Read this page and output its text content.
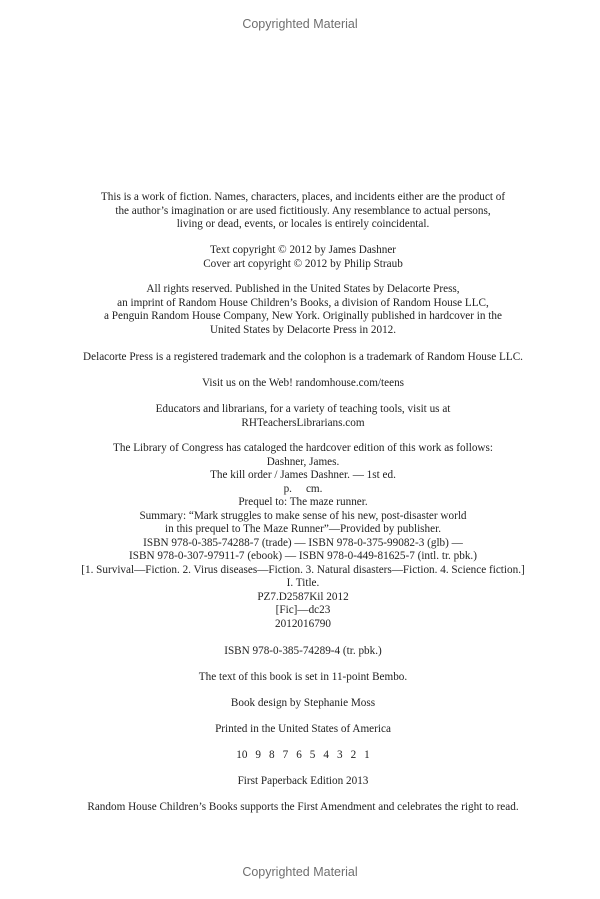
Copyrighted Material
This is a work of fiction. Names, characters, places, and incidents either are the product of
the author’s imagination or are used fictitiously. Any resemblance to actual persons,
living or dead, events, or locales is entirely coincidental.
Text copyright © 2012 by James Dashner
Cover art copyright © 2012 by Philip Straub
All rights reserved. Published in the United States by Delacorte Press,
an imprint of Random House Children’s Books, a division of Random House LLC,
a Penguin Random House Company, New York. Originally published in hardcover in the
United States by Delacorte Press in 2012.
Delacorte Press is a registered trademark and the colophon is a trademark of Random House LLC.
Visit us on the Web! randomhouse.com/teens
Educators and librarians, for a variety of teaching tools, visit us at
RHTeachersLibrarians.com
The Library of Congress has cataloged the hardcover edition of this work as follows:
Dashner, James.
The kill order / James Dashner. — 1st ed.
p.     cm.
Prequel to: The maze runner.
Summary: “Mark struggles to make sense of his new, post-disaster world
in this prequel to The Maze Runner”—Provided by publisher.
ISBN 978-0-385-74288-7 (trade) — ISBN 978-0-375-99082-3 (glb) —
ISBN 978-0-307-97911-7 (ebook) — ISBN 978-0-449-81625-7 (intl. tr. pbk.)
[1. Survival—Fiction. 2. Virus diseases—Fiction. 3. Natural disasters—Fiction. 4. Science fiction.]
I. Title.
PZ7.D2587Kil 2012
[Fic]—dc23
2012016790
ISBN 978-0-385-74289-4 (tr. pbk.)
The text of this book is set in 11-point Bembo.
Book design by Stephanie Moss
Printed in the United States of America
10 9 8 7 6 5 4 3 2 1
First Paperback Edition 2013
Random House Children’s Books supports the First Amendment and celebrates the right to read.
Copyrighted Material
